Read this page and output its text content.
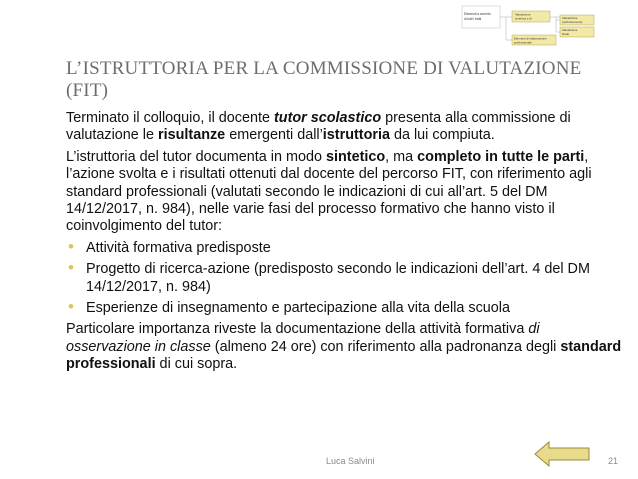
Elementi a corredo
di tutti i tratti
Valutazione
sintetica e di
Elementi di elaborazione
professionale
Valutazione
(nell'intervento)
Valutazione
finale
L’ISTRUTTORIA PER LA COMMISSIONE DI VALUTAZIONE
(FIT)

Terminato il colloquio, il docente tutor scolastico presenta alla commissione di valutazione le risultanze emergenti dall’istruttoria da lui compiuta.

L’istruttoria del tutor documenta in modo sintetico, ma completo in tutte le parti, l’azione svolta e i risultati ottenuti dal docente del percorso FIT, con riferimento agli standard professionali (valutati secondo le indicazioni di cui all’art. 5 del DM 14/12/2017, n. 984), nelle varie fasi del processo formativo che hanno visto il coinvolgimento del tutor:

• Attività formativa predisposte
• Progetto di ricerca-azione (predisposto secondo le indicazioni dell’art. 4 del DM 14/12/2017, n. 984)
• Esperienze di insegnamento e partecipazione alla vita della scuola

Particolare importanza riveste la documentazione della attività formativa di osservazione in classe (almeno 24 ore) con riferimento alla padronanza degli standard professionali di cui sopra.

Luca Salvini	21
